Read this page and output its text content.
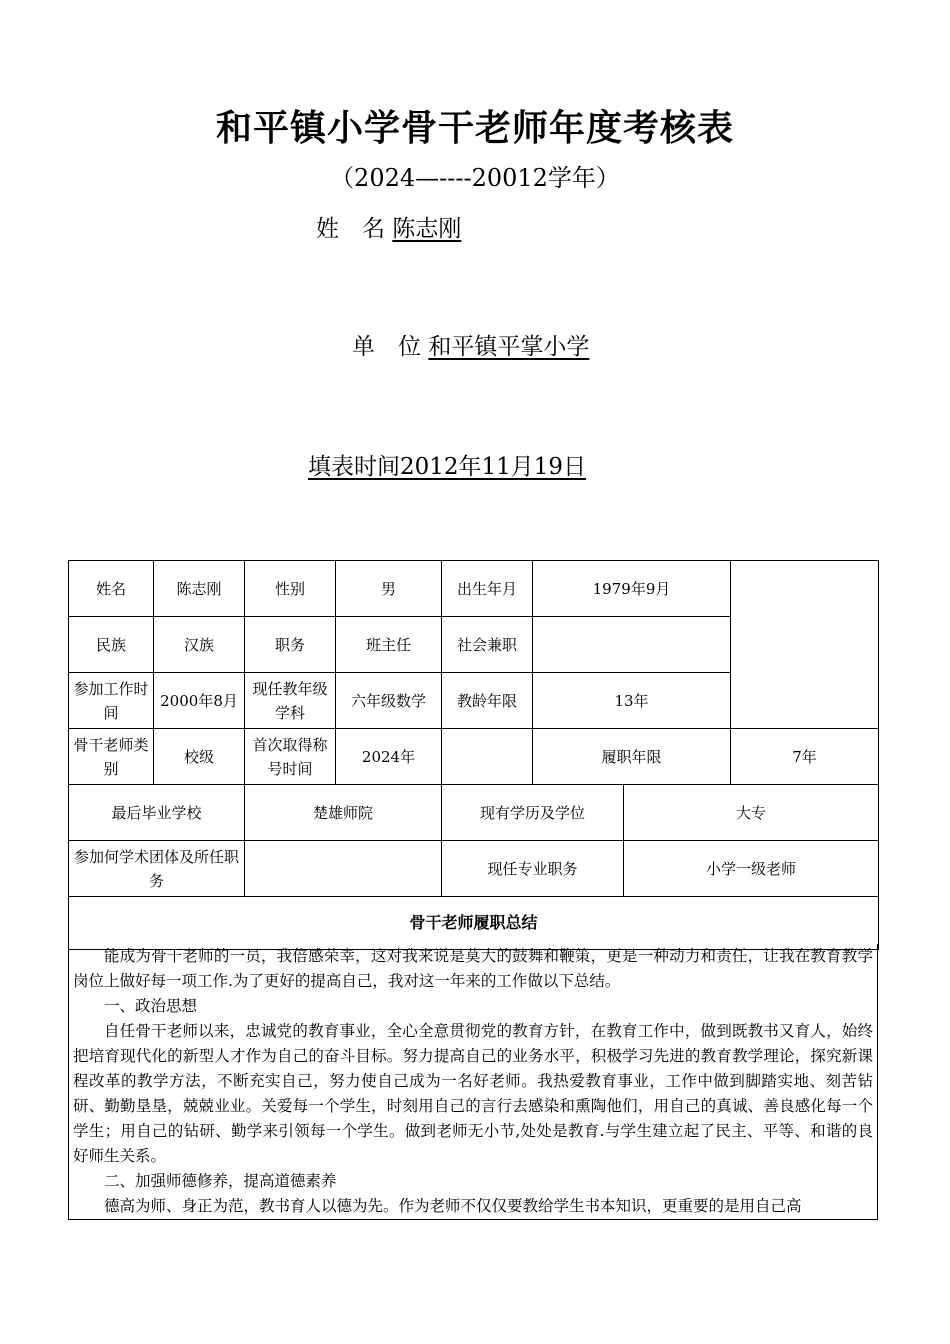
和平镇小学骨干老师年度考核表
（2024—----20012学年）
姓　名 陈志刚
单　位 和平镇平掌小学
填表时间2012年11月19日
姓名	陈志刚	性别	男	出生年月	1979年9月		
民族	汉族	职务	班主任	社会兼职			
参加工作时间	2000年8月	现任教年级学科	六年级数学	教龄年限	13年		
骨干老师类别	校级	首次取得称号时间	2024年		履职年限		7年
最后毕业学校		楚雄师院		现有学历及学位		大专	
参加何学术团体及所任职务				现任专业职务		小学一级老师	
骨干老师履职总结							

能成为骨干老师的一员，我倍感荣幸，这对我来说是莫大的鼓舞和鞭策，更是一种动力和责任，让我在教育教学岗位上做好每一项工作.为了更好的提高自己，我对这一年来的工作做以下总结。

一、政治思想

自任骨干老师以来，忠诚党的教育事业，全心全意贯彻党的教育方针，在教育工作中，做到既教书又育人，始终把培育现代化的新型人才作为自己的奋斗目标。努力提高自己的业务水平，积极学习先进的教育教学理论，探究新课程改革的教学方法，不断充实自己，努力使自己成为一名好老师。我热爱教育事业，工作中做到脚踏实地、刻苦钻研、勤勤垦垦，兢兢业业。关爱每一个学生，时刻用自己的言行去感染和熏陶他们，用自己的真诚、善良感化每一个学生；用自己的钻研、勤学来引领每一个学生。做到老师无小节,处处是教育.与学生建立起了民主、平等、和谐的良好师生关系。

二、加强师德修养，提高道德素养

德高为师、身正为范，教书育人以德为先。作为老师不仅仅要教给学生书本知识，更重要的是用自己高
